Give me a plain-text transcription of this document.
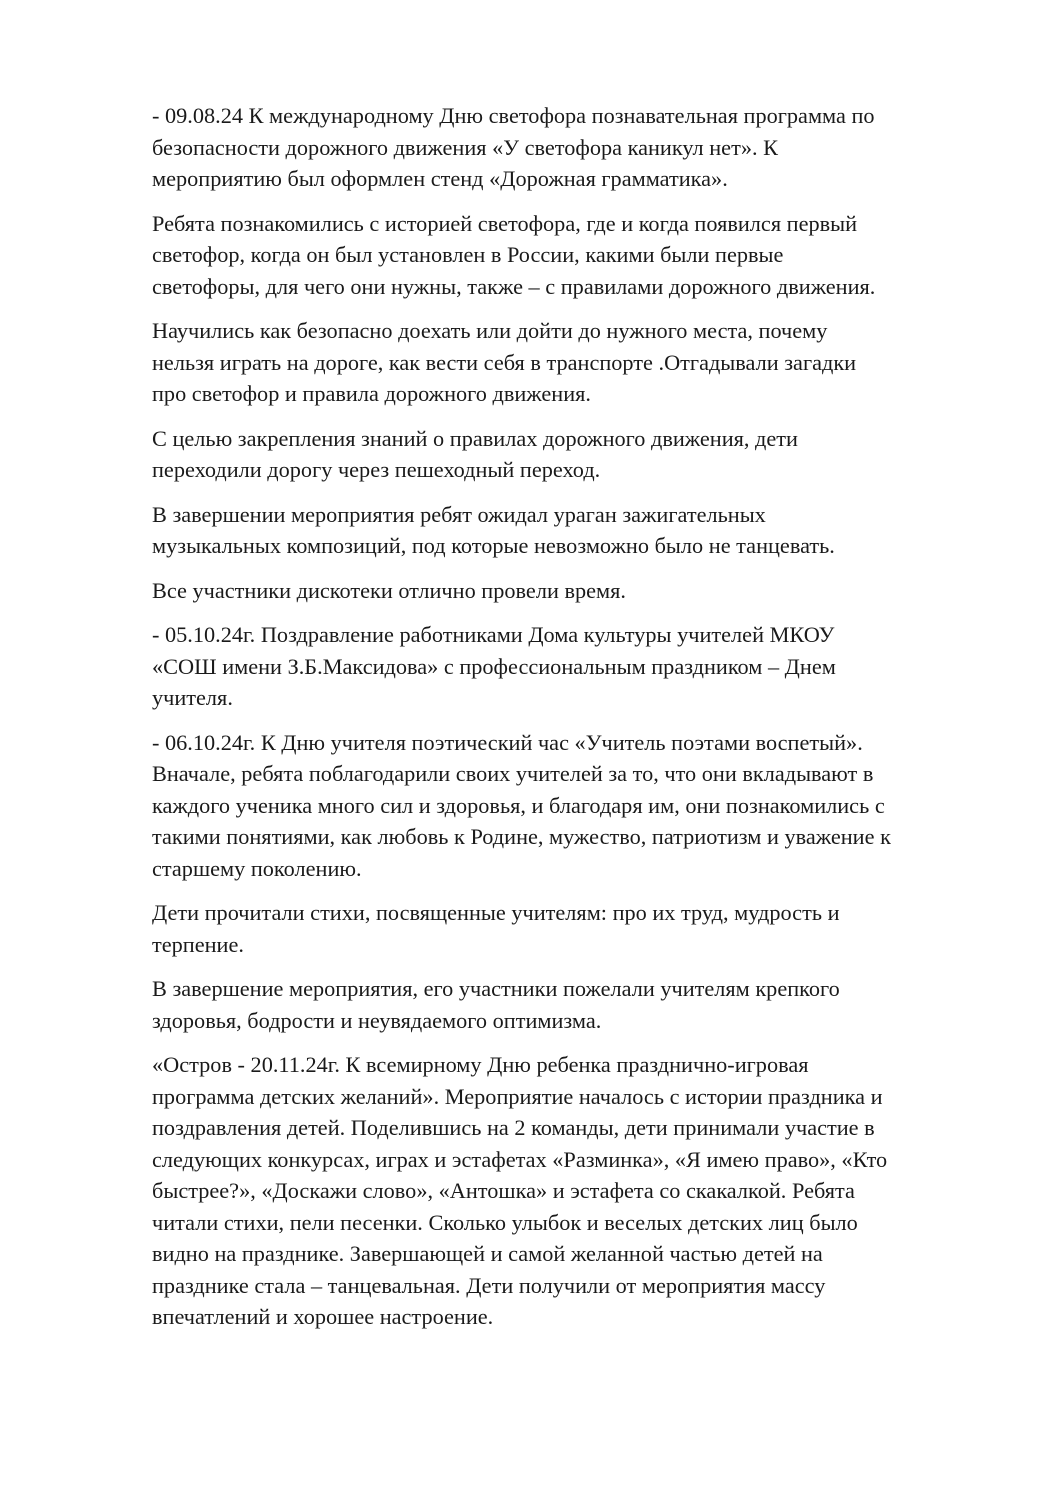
- 09.08.24 К международному Дню светофора познавательная программа по
безопасности дорожного движения «У светофора каникул нет». К
мероприятию был оформлен стенд «Дорожная грамматика».

Ребята познакомились с историей светофора, где и когда появился первый
светофор, когда он был установлен в России, какими были первые
светофоры, для чего они нужны, также – с правилами дорожного движения.

Научились как безопасно доехать или дойти до нужного места, почему
нельзя играть на дороге, как вести себя в транспорте .Отгадывали загадки
про светофор и правила дорожного движения.

С целью закрепления знаний о правилах дорожного движения, дети
переходили дорогу через пешеходный переход.

В завершении мероприятия ребят ожидал ураган зажигательных
музыкальных композиций, под которые невозможно было не танцевать.

Все участники дискотеки отлично провели время.

- 05.10.24г. Поздравление работниками Дома культуры учителей МКОУ
«СОШ имени З.Б.Максидова» с профессиональным праздником – Днем
учителя.

- 06.10.24г. К Дню учителя поэтический час «Учитель поэтами воспетый».
Вначале, ребята поблагодарили своих учителей за то, что они вкладывают в
каждого ученика много сил и здоровья, и благодаря им, они познакомились с
такими понятиями, как любовь к Родине, мужество, патриотизм и уважение к
старшему поколению.

Дети прочитали стихи, посвященные учителям: про их труд, мудрость и
терпение.

В завершение мероприятия, его участники пожелали учителям крепкого
здоровья, бодрости и неувядаемого оптимизма.

«Остров - 20.11.24г. К всемирному Дню ребенка празднично-игровая
программа детских желаний». Мероприятие началось с истории праздника и
поздравления детей. Поделившись на 2 команды, дети принимали участие в
следующих конкурсах, играх и эстафетах «Разминка», «Я имею право», «Кто
быстрее?», «Доскажи слово», «Антошка» и эстафета со скакалкой. Ребята
читали стихи, пели песенки. Сколько улыбок и веселых детских лиц было
видно на празднике. Завершающей и самой желанной частью детей на
празднике стала – танцевальная. Дети получили от мероприятия массу
впечатлений и хорошее настроение.
